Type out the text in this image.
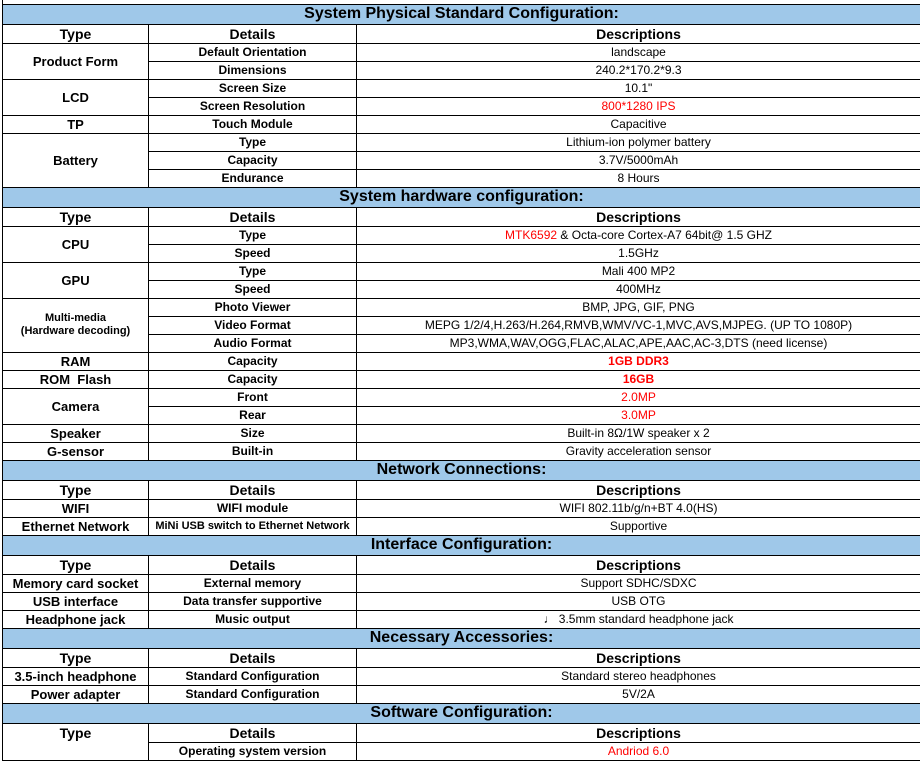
System Physical Standard Configuration:		
Type	Details	Descriptions
Product Form	Default Orientation	landscape
	Dimensions	240.2*170.2*9.3
LCD	Screen Size	10.1"
	Screen Resolution	800*1280 IPS
TP	Touch Module	Capacitive
Battery	Type	Lithium-ion polymer battery
	Capacity	3.7V/5000mAh
	Endurance	8 Hours
System hardware configuration:		
Type	Details	Descriptions
CPU	Type	MTK6592 & Octa-core Cortex-A7 64bit@ 1.5 GHZ
	Speed	1.5GHz
GPU	Type	Mali 400 MP2
	Speed	400MHz
Multi-media
(Hardware decoding)	Photo Viewer	BMP, JPG, GIF, PNG
	Video Format	MEPG 1/2/4,H.263/H.264,RMVB,WMV/VC-1,MVC,AVS,MJPEG. (UP TO 1080P)
	Audio Format	MP3,WMA,WAV,OGG,FLAC,ALAC,APE,AAC,AC-3,DTS (need license)
RAM	Capacity	1GB DDR3
ROM  Flash	Capacity	16GB
Camera	Front	2.0MP
	Rear	3.0MP
Speaker	Size	Built-in 8Ω/1W speaker x 2
G-sensor	Built-in	Gravity acceleration sensor
Network Connections:		
Type	Details	Descriptions
WIFI	WIFI module	WIFI 802.11b/g/n+BT 4.0(HS)
Ethernet Network	MiNi USB switch to Ethernet Network	Supportive
Interface Configuration:		
Type	Details	Descriptions
Memory card socket	External memory	Support SDHC/SDXC
USB interface	Data transfer supportive	USB OTG
Headphone jack	Music output	♩ 3.5mm standard headphone jack
Necessary Accessories:		
Type	Details	Descriptions
3.5-inch headphone	Standard Configuration	Standard stereo headphones
Power adapter	Standard Configuration	5V/2A
Software Configuration:		
Type	Details	Descriptions
	Operating system version	Andriod 6.0
